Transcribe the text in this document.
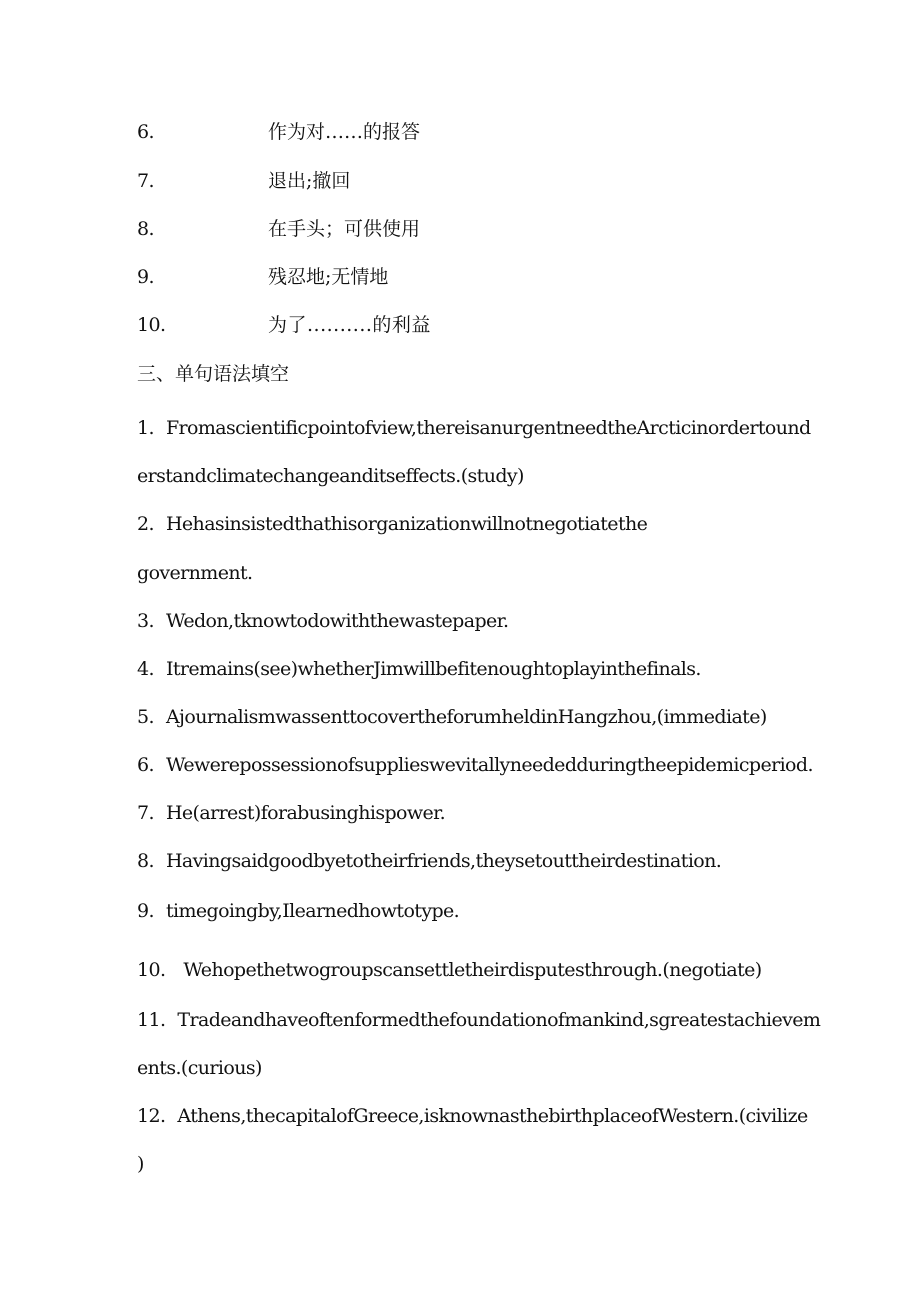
6.	作为对……的报答
7.	退出;撤回
8.	在手头；可供使用
9.	残忍地;无情地
10.	为了..........的利益
三、单句语法填空
1. Fromascientificpointofview,thereisanurgentneedtheArcticinordertound
erstandclimatechangeanditseffects.(study)
2. Hehasinsistedthathisorganizationwillnotnegotiatethe
government.
3. Wedon,tknowtodowiththewastepaper.
4. Itremains(see)whetherJimwillbefitenoughtoplayinthefinals.
5. AjournalismwassenttocovertheforumheldinHangzhou,(immediate)
6. Wewerepossessionofsupplieswevitallyneededduringtheepidemicperiod.
7. He(arrest)forabusinghispower.
8. Havingsaidgoodbyetotheirfriends,theysetouttheirdestination.
9. timegoingby,Ilearnedhowtotype.
10. Wehopethetwogroupscansettletheirdisputesthrough.(negotiate)
11. Tradeandhaveoftenformedthefoundationofmankind,sgreatestachievem
ents.(curious)
12. Athens,thecapitalofGreece,isknownasthebirthplaceofWestern.(civilize
)
